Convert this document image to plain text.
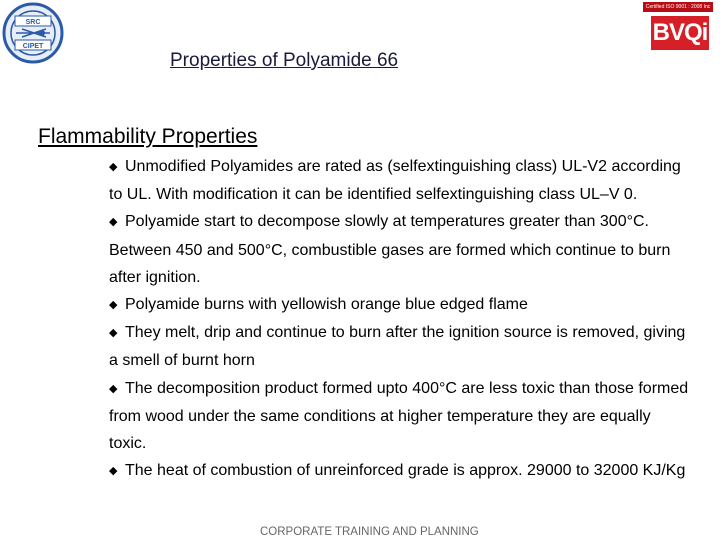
SRC
CIPET
Certified ISO 9001 : 2008 Inc
BVQi
Properties of Polyamide 66
Flammability Properties

◆ Unmodified Polyamides are rated as (selfextinguishing class) UL-V2 according to UL. With modification it can be identified selfextinguishing class UL–V 0.

◆ Polyamide start to decompose slowly at temperatures greater than 300°C. Between 450 and 500°C, combustible gases are formed which continue to burn after ignition.

◆ Polyamide burns with yellowish orange blue edged flame

◆ They melt, drip and continue to burn after the ignition source is removed, giving a smell of burnt horn

◆ The decomposition product formed upto 400°C are less toxic than those formed from wood under the same conditions at higher temperature they are equally toxic.

◆ The heat of combustion of unreinforced grade is approx. 29000 to 32000 KJ/Kg

CORPORATE TRAINING AND PLANNING
